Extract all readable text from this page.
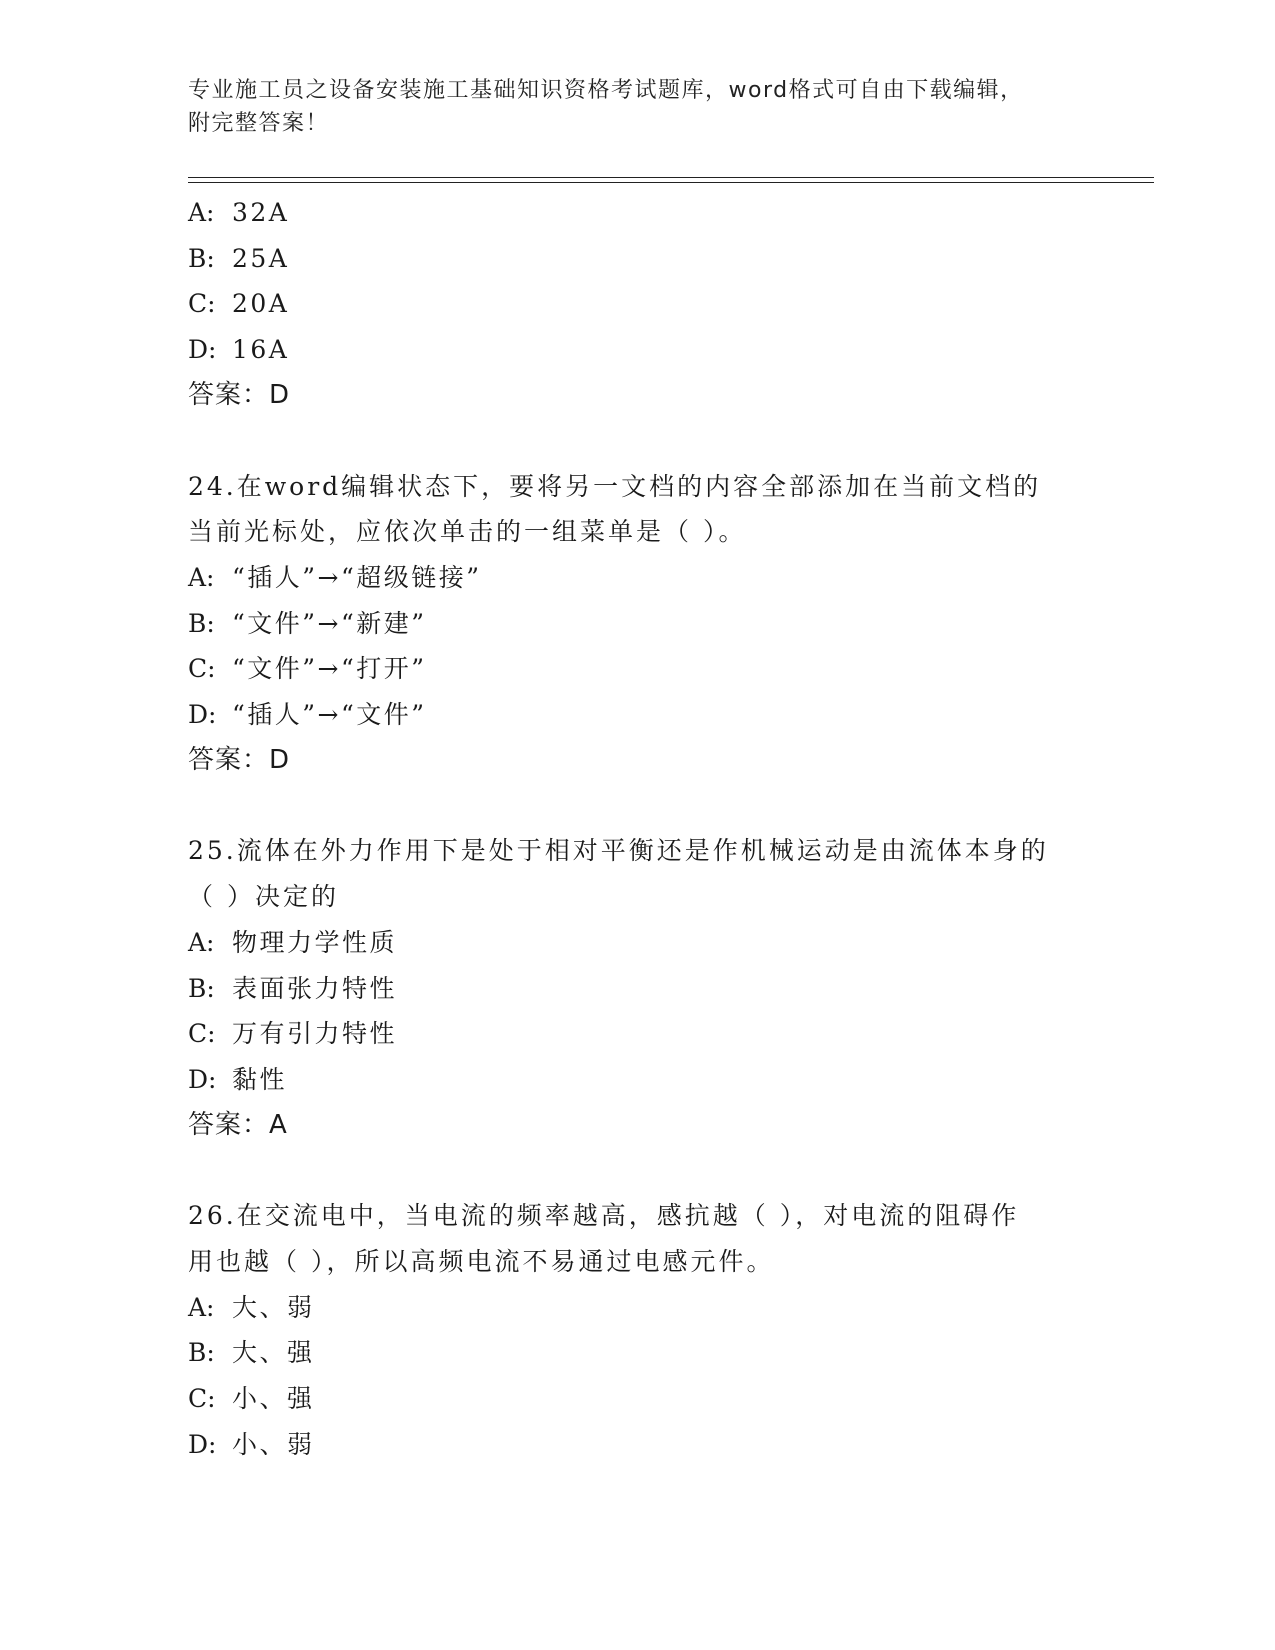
专业施工员之设备安装施工基础知识资格考试题库，word格式可自由下载编辑，
附完整答案！
A: 32A
B: 25A
C: 20A
D: 16A
答案：D
24.在word编辑状态下，要将另一文档的内容全部添加在当前文档的
当前光标处，应依次单击的一组菜单是（ ）。
A: “插人”→“超级链接”
B: “文件”→“新建”
C: “文件”→“打开”
D: “插人”→“文件”
答案：D
25.流体在外力作用下是处于相对平衡还是作机械运动是由流体本身的
（ ）决定的
A: 物理力学性质
B: 表面张力特性
C: 万有引力特性
D: 黏性
答案：A
26.在交流电中，当电流的频率越高，感抗越（ ），对电流的阻碍作
用也越（ ），所以高频电流不易通过电感元件。
A: 大、弱
B: 大、强
C: 小、强
D: 小、弱
